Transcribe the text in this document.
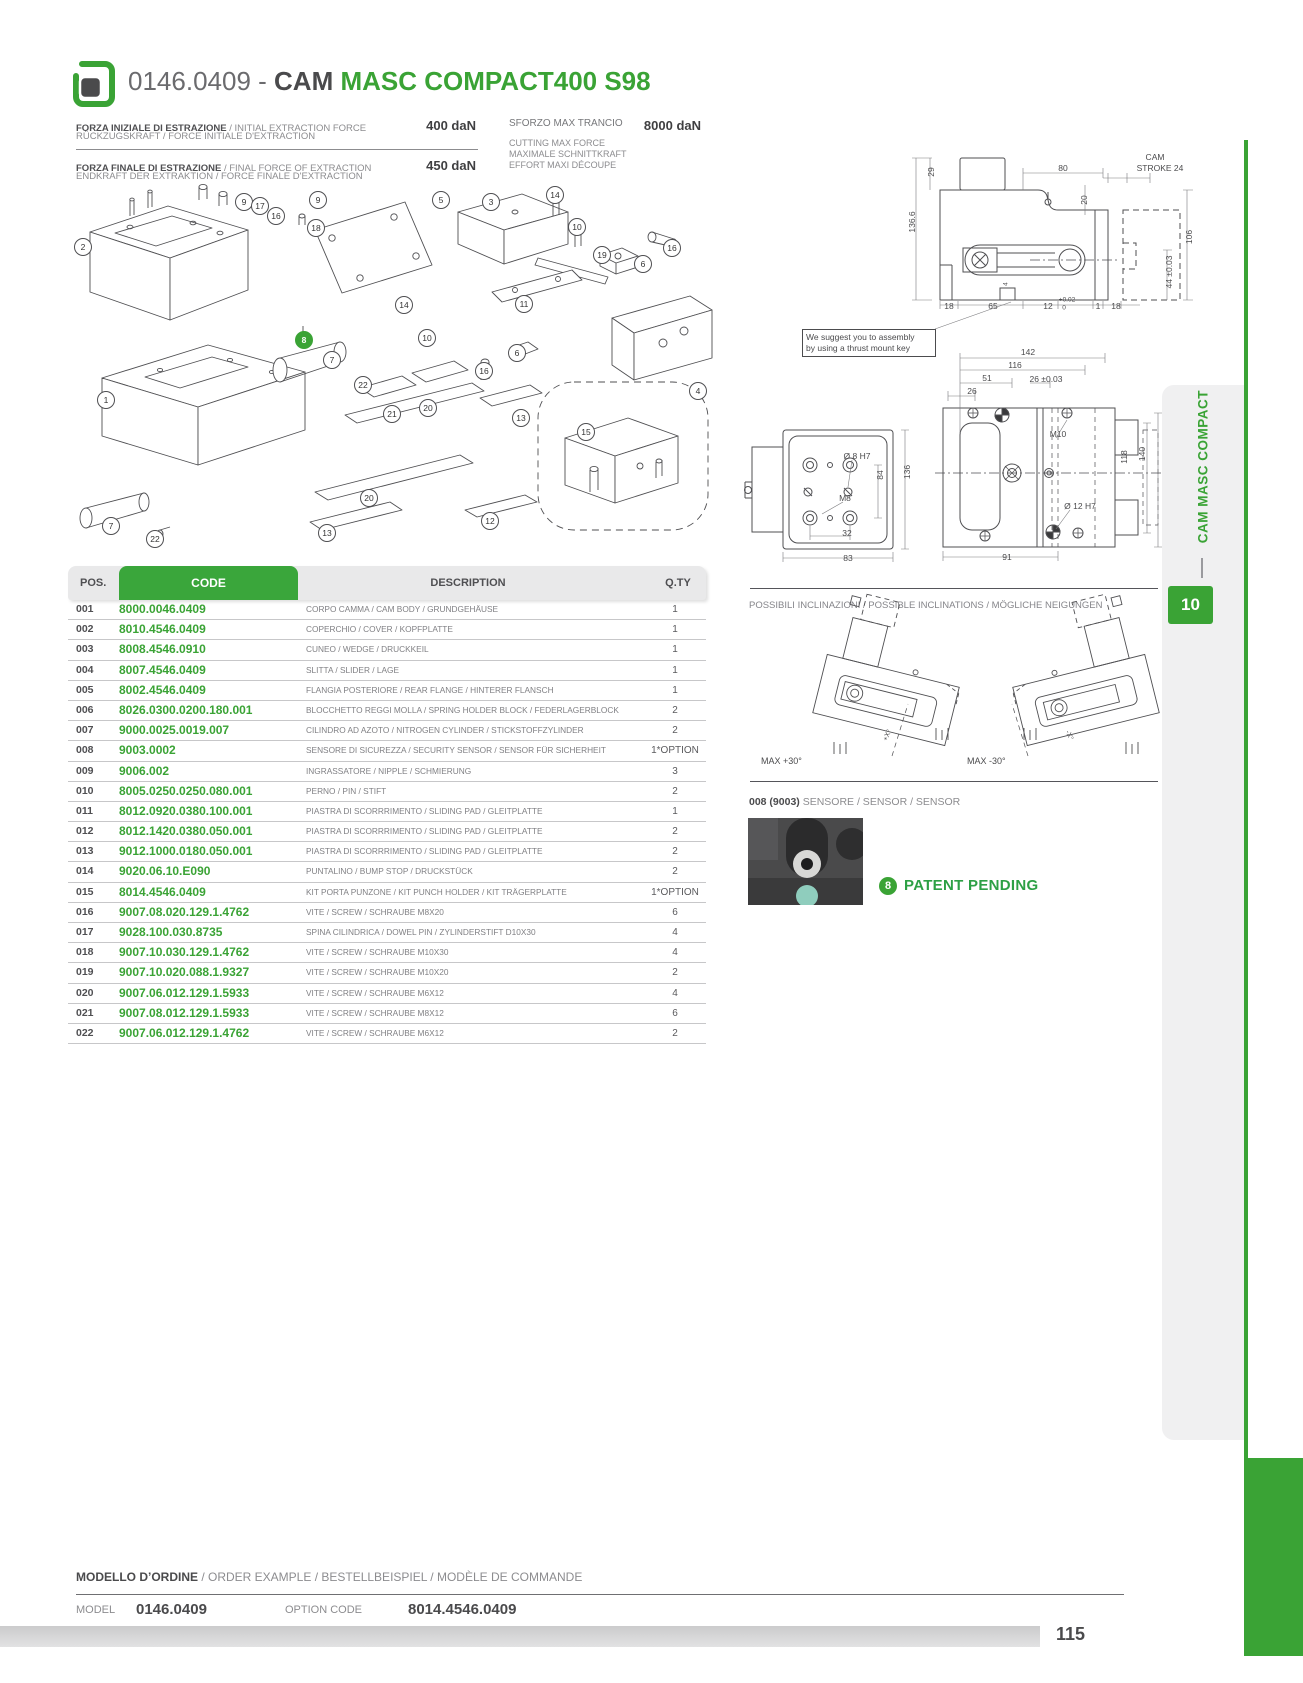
0146.0409 - CAM MASC COMPACT400 S98
FORZA INIZIALE DI ESTRAZIONE / INITIAL EXTRACTION FORCE
RÜCKZUGSKRAFT / FORCE INITIALE D'EXTRACTION
400 daN
FORZA FINALE DI ESTRAZIONE / FINAL FORCE OF EXTRACTION
ENDKRAFT DER EXTRAKTION / FORCE FINALE D'EXTRACTION
450 daN
SFORZO MAX TRANCIO 8000 daN
CUTTING MAX FORCE
MAXIMALE SCHNITTKRAFT
EFFORT MAXI DÉCOUPE
2
9	17
16
9
18
5	3
14
10
19
6
16
14
10
11
8
7
22
16
6
21
20
13
15
1
20
13
12
7
22
4
We suggest you to assembly
by using a thrust mount key
POSSIBILI INCLINAZIONI / POSSIBLE INCLINATIONS / MÖGLICHE NEIGUNGEN
MAX +30°	MAX -30°
+X°	-X°
008 (9003) SENSORE / SENSOR / SENSOR
8 PATENT PENDING
POS.	CODE	DESCRIPTION	Q.TY
001	8000.0046.0409	CORPO CAMMA / CAM BODY / GRUNDGEHÄUSE	1
002	8010.4546.0409	COPERCHIO / COVER / KOPFPLATTE	1
003	8008.4546.0910	CUNEO / WEDGE / DRUCKKEIL	1
004	8007.4546.0409	SLITTA / SLIDER / LAGE	1
005	8002.4546.0409	FLANGIA POSTERIORE / REAR FLANGE / HINTERER FLANSCH	1
006	8026.0300.0200.180.001	BLOCCHETTO REGGI MOLLA / SPRING HOLDER BLOCK / FEDERLAGERBLOCK	2
007	9000.0025.0019.007	CILINDRO AD AZOTO / NITROGEN CYLINDER / STICKSTOFFZYLINDER	2
008	9003.0002	SENSORE DI SICUREZZA / SECURITY SENSOR / SENSOR FÜR SICHERHEIT	1*OPTION
009	9006.002	INGRASSATORE / NIPPLE / SCHMIERUNG	3
010	8005.0250.0250.080.001	PERNO / PIN / STIFT	2
011	8012.0920.0380.100.001	PIASTRA DI SCORRRIMENTO / SLIDING PAD / GLEITPLATTE	1
012	8012.1420.0380.050.001	PIASTRA DI SCORRRIMENTO / SLIDING PAD / GLEITPLATTE	2
013	9012.1000.0180.050.001	PIASTRA DI SCORRRIMENTO / SLIDING PAD / GLEITPLATTE	2
014	9020.06.10.E090	PUNTALINO / BUMP STOP / DRUCKSTÜCK	2
015	8014.4546.0409	KIT PORTA PUNZONE / KIT PUNCH HOLDER / KIT TRÄGERPLATTE	1*OPTION
016	9007.08.020.129.1.4762	VITE / SCREW / SCHRAUBE M8X20	6
017	9028.100.030.8735	SPINA CILINDRICA / DOWEL PIN / ZYLINDERSTIFT D10X30	4
018	9007.10.030.129.1.4762	VITE / SCREW / SCHRAUBE M10X30	4
019	9007.10.020.088.1.9327	VITE / SCREW / SCHRAUBE M10X20	2
020	9007.06.012.129.1.5933	VITE / SCREW / SCHRAUBE M6X12	4
021	9007.08.012.129.1.5933	VITE / SCREW / SCHRAUBE M8X12	6
022	9007.06.012.129.1.4762	VITE / SCREW / SCHRAUBE M6X12	2
CAM MASC COMPACT
10
MODELLO D’ORDINE / ORDER EXAMPLE / BESTELLBEISPIEL / MODÈLE DE COMMANDE
MODEL 0146.0409	OPTION CODE	8014.4546.0409
115
29
136.6
80
20
CAM
STROKE 24
106
44 ±0.03
4
18	65	12
+0.02
0	1 18
Ø 8 H7
M8
84 136
32
83
142
116
51	26 ±0.03
26
M10
Ø 12 H7
91
118 140
